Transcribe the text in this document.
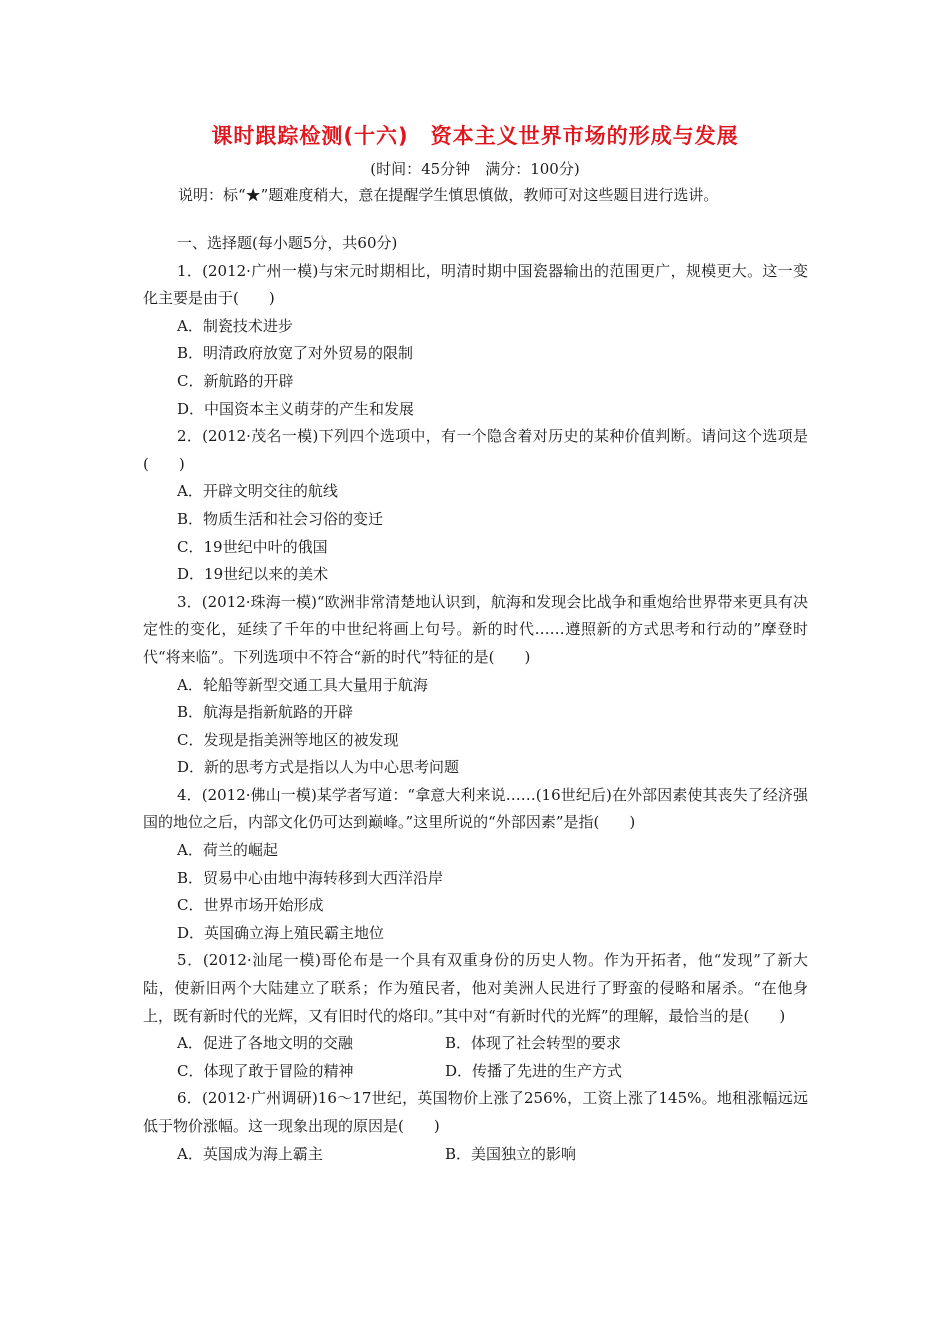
课时跟踪检测(十六)　资本主义世界市场的形成与发展
(时间：45分钟　满分：100分)
说明：标“★”题难度稍大，意在提醒学生慎思慎做，教师可对这些题目进行选讲。
一、选择题(每小题5分，共60分)
1．(2012·广州一模)与宋元时期相比，明清时期中国瓷器输出的范围更广，规模更大。这一变化主要是由于(　　)
A．制瓷技术进步
B．明清政府放宽了对外贸易的限制
C．新航路的开辟
D．中国资本主义萌芽的产生和发展
2．(2012·茂名一模)下列四个选项中，有一个隐含着对历史的某种价值判断。请问这个选项是(　　)
A．开辟文明交往的航线
B．物质生活和社会习俗的变迁
C．19世纪中叶的俄国
D．19世纪以来的美术
3．(2012·珠海一模)“欧洲非常清楚地认识到，航海和发现会比战争和重炮给世界带来更具有决定性的变化，延续了千年的中世纪将画上句号。新的时代……遵照新的方式思考和行动的”摩登时代“将来临”。下列选项中不符合“新的时代”特征的是(　　)
A．轮船等新型交通工具大量用于航海
B．航海是指新航路的开辟
C．发现是指美洲等地区的被发现
D．新的思考方式是指以人为中心思考问题
4．(2012·佛山一模)某学者写道：“拿意大利来说……(16世纪后)在外部因素使其丧失了经济强国的地位之后，内部文化仍可达到巅峰。”这里所说的“外部因素”是指(　　)
A．荷兰的崛起
B．贸易中心由地中海转移到大西洋沿岸
C．世界市场开始形成
D．英国确立海上殖民霸主地位
5．(2012·汕尾一模)哥伦布是一个具有双重身份的历史人物。作为开拓者，他“发现”了新大陆，使新旧两个大陆建立了联系；作为殖民者，他对美洲人民进行了野蛮的侵略和屠杀。“在他身上，既有新时代的光辉，又有旧时代的烙印。”其中对“有新时代的光辉”的理解，最恰当的是(　　)
A．促进了各地文明的交融	B．体现了社会转型的要求
C．体现了敢于冒险的精神	D．传播了先进的生产方式
6．(2012·广州调研)16～17世纪，英国物价上涨了256%，工资上涨了145%。地租涨幅远远低于物价涨幅。这一现象出现的原因是(　　)
A．英国成为海上霸主	B．美国独立的影响
